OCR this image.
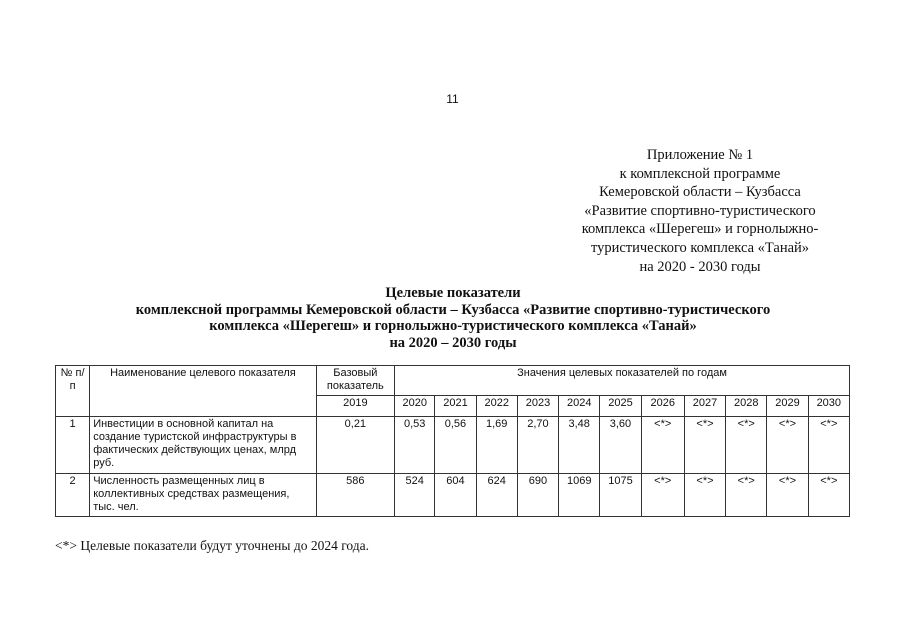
11
Приложение № 1
к комплексной программе
Кемеровской области – Кузбасса
«Развитие спортивно-туристического
комплекса «Шерегеш» и горнолыжно-
туристического комплекса «Танай»
на 2020 - 2030 годы
Целевые показатели
комплексной программы Кемеровской области – Кузбасса «Развитие спортивно-туристического
комплекса «Шерегеш» и горнолыжно-туристического комплекса «Танай»
на 2020 – 2030 годы
№ п/п	Наименование целевого показателя	Базовый показатель	Значения целевых показателей по годам										
		2019	2020	2021	2022	2023	2024	2025	2026	2027	2028	2029	2030
1	Инвестиции в основной капитал на создание туристской инфраструктуры в фактических действующих ценах, млрд руб.	0,21	0,53	0,56	1,69	2,70	3,48	3,60	<*>	<*>	<*>	<*>	<*>
2	Численность размещенных лиц в коллективных средствах размещения, тыс. чел.	586	524	604	624	690	1069	1075	<*>	<*>	<*>	<*>	<*>
<*> Целевые показатели будут уточнены до 2024 года.
